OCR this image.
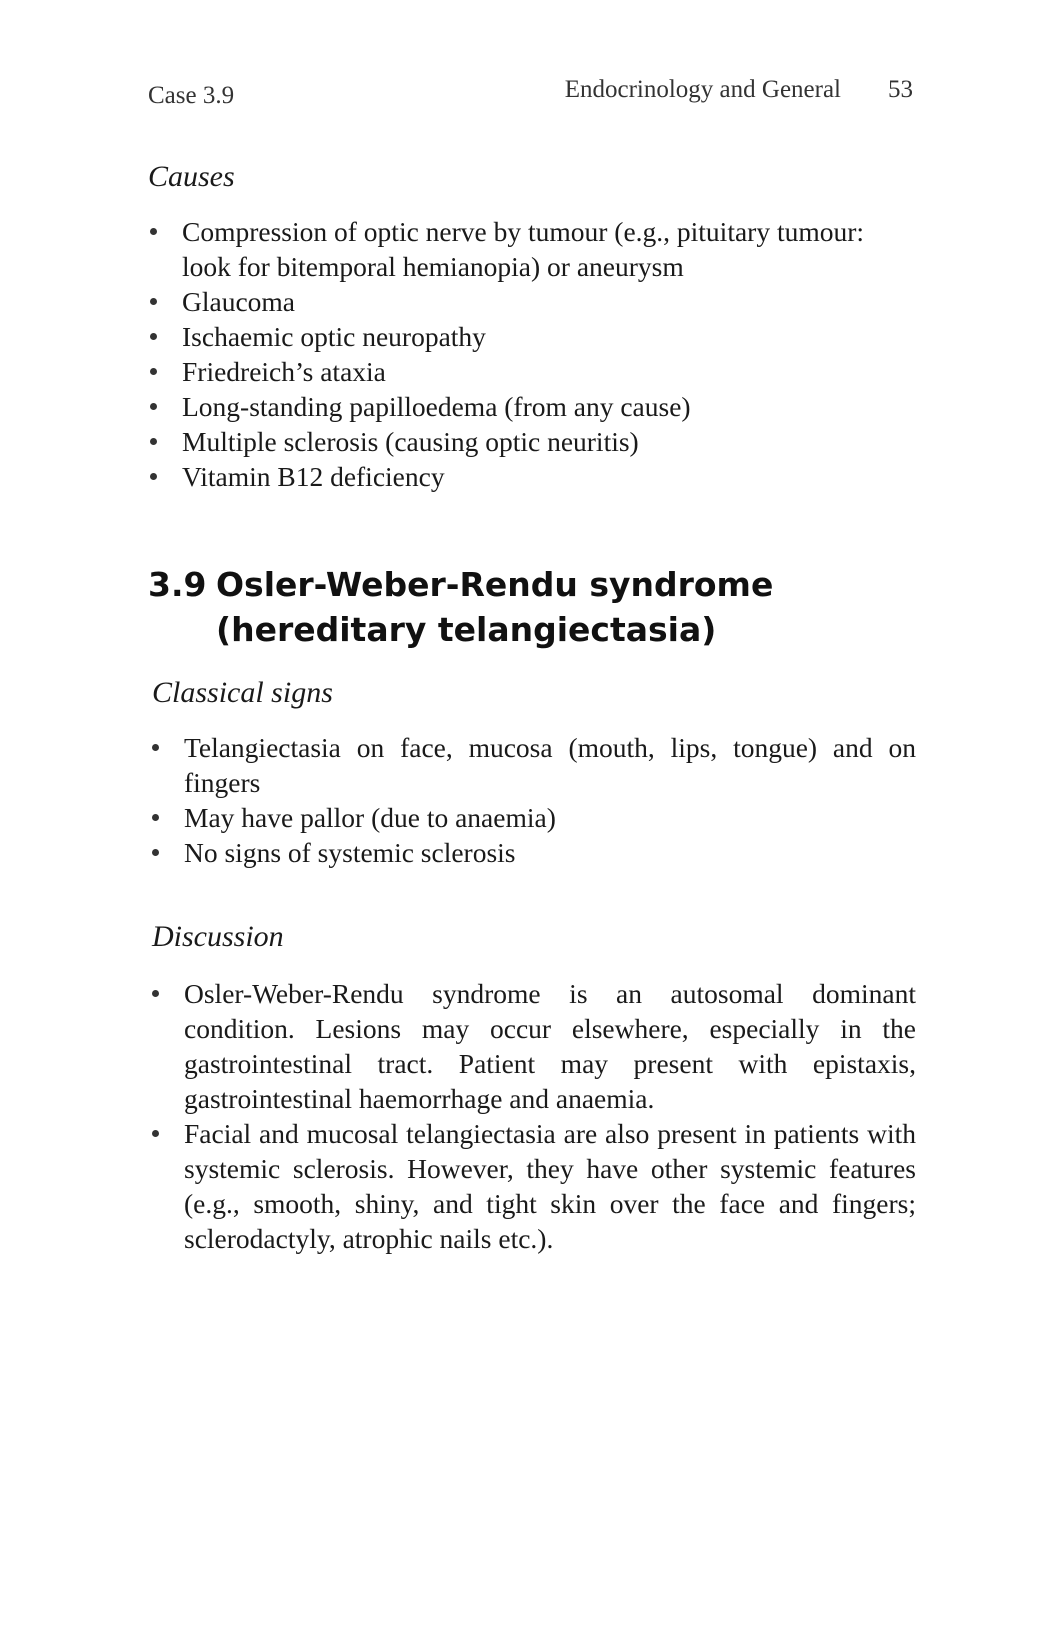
Case 3.9	Endocrinology and General 53
Causes
Compression of optic nerve by tumour (e.g., pituitary tumour: look for bitemporal hemianopia) or aneurysm
Glaucoma
Ischaemic optic neuropathy
Friedreich’s ataxia
Long-standing papilloedema (from any cause)
Multiple sclerosis (causing optic neuritis)
Vitamin B12 deficiency
3.9 Osler-Weber-Rendu syndrome (hereditary telangiectasia)
Classical signs
Telangiectasia on face, mucosa (mouth, lips, tongue) and on fingers
May have pallor (due to anaemia)
No signs of systemic sclerosis
Discussion
Osler-Weber-Rendu syndrome is an autosomal dominant condition. Lesions may occur elsewhere, especially in the gastrointestinal tract. Patient may present with epistaxis, gastrointestinal haemorrhage and anaemia.
Facial and mucosal telangiectasia are also present in patients with systemic sclerosis. However, they have other systemic features (e.g., smooth, shiny, and tight skin over the face and fingers; sclerodactyly, atrophic nails etc.).
